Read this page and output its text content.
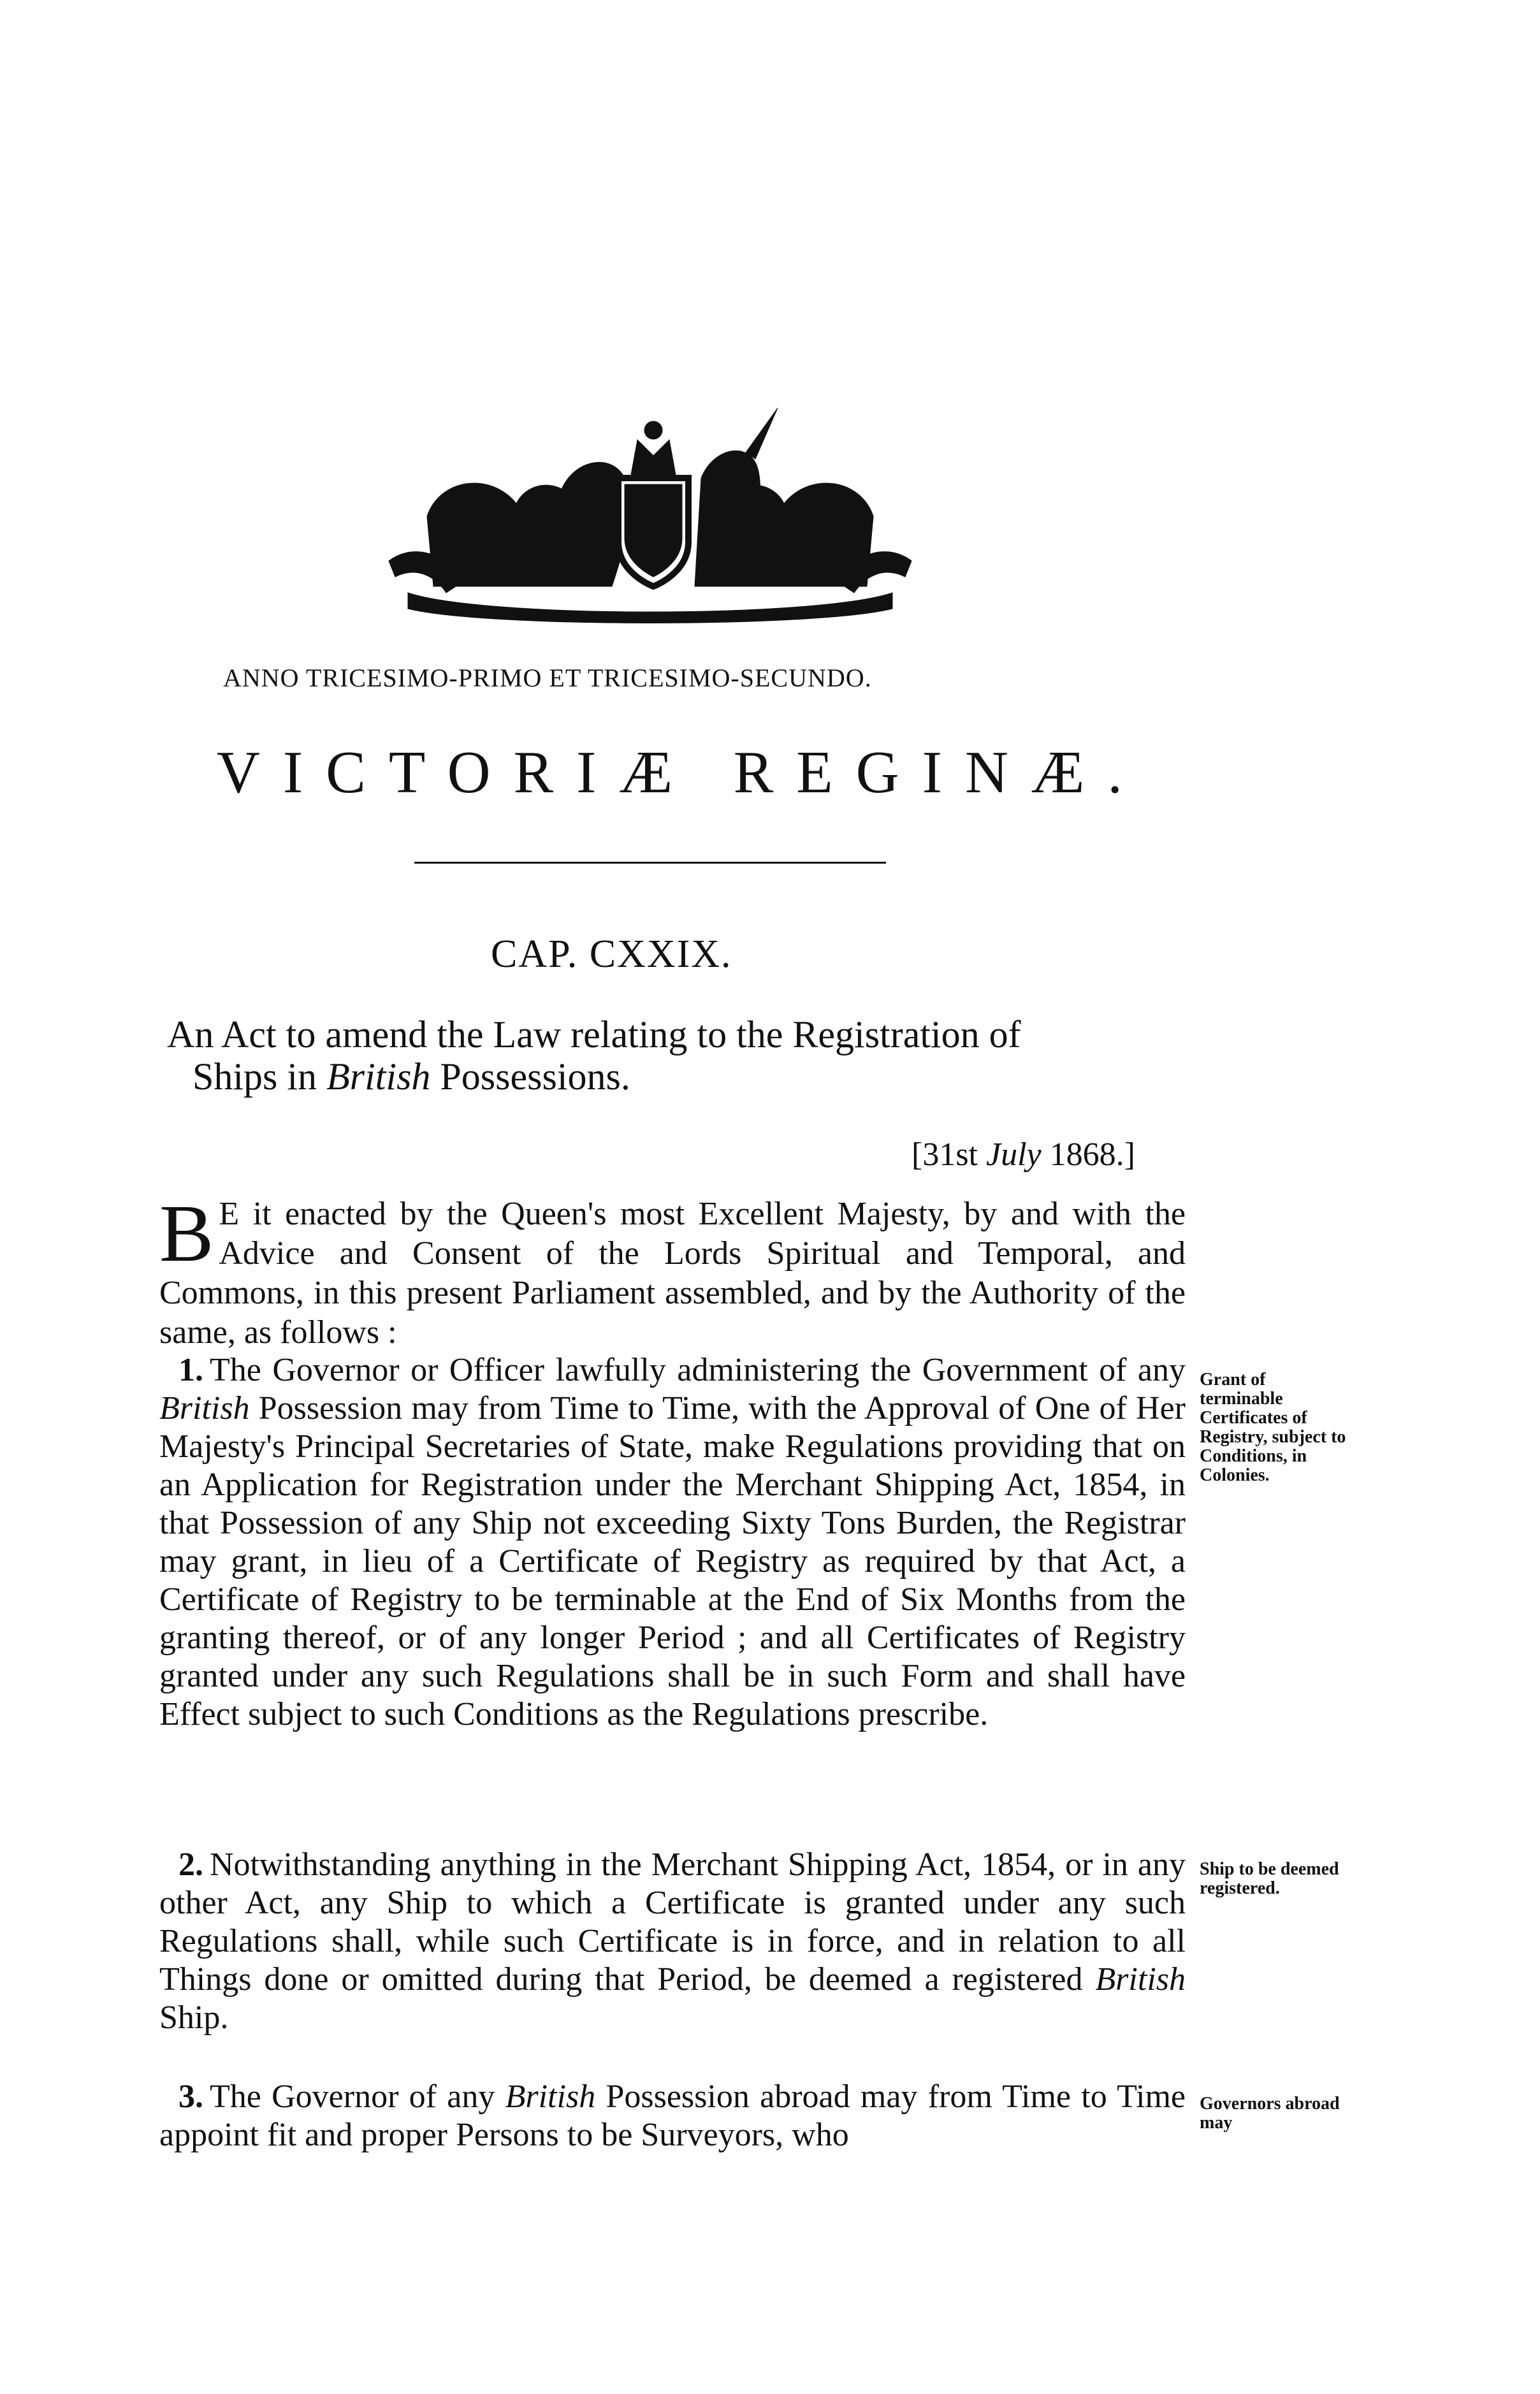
ANNO TRICESIMO-PRIMO ET TRICESIMO-SECUNDO.
VICTORIÆ REGINÆ.
CAP. CXXIX.
An Act to amend the Law relating to the Registration of
Ships in British Possessions.
[31st July 1868.]
B E it enacted by the Queen's most Excellent Majesty, by and with the Advice and Consent of the Lords Spiritual and Temporal, and Commons, in this present Parliament assembled, and by the Authority of the same, as follows :
1. The Governor or Officer lawfully administering the Government of any British Possession may from Time to Time, with the Approval of One of Her Majesty's Principal Secretaries of State, make Regulations providing that on an Application for Registration under the Merchant Shipping Act, 1854, in that Possession of any Ship not exceeding Sixty Tons Burden, the Registrar may grant, in lieu of a Certificate of Registry as required by that Act, a Certificate of Registry to be terminable at the End of Six Months from the granting thereof, or of any longer Period ; and all Certificates of Registry granted under any such Regulations shall be in such Form and shall have Effect subject to such Conditions as the Regulations prescribe.
Grant of terminable Certificates of Registry, subject to Conditions, in Colonies.
2. Notwithstanding anything in the Merchant Shipping Act, 1854, or in any other Act, any Ship to which a Certificate is granted under any such Regulations shall, while such Certificate is in force, and in relation to all Things done or omitted during that Period, be deemed a registered British Ship.
Ship to be deemed registered.
3. The Governor of any British Possession abroad may from Time to Time appoint fit and proper Persons to be Surveyors, who
Governors abroad may
